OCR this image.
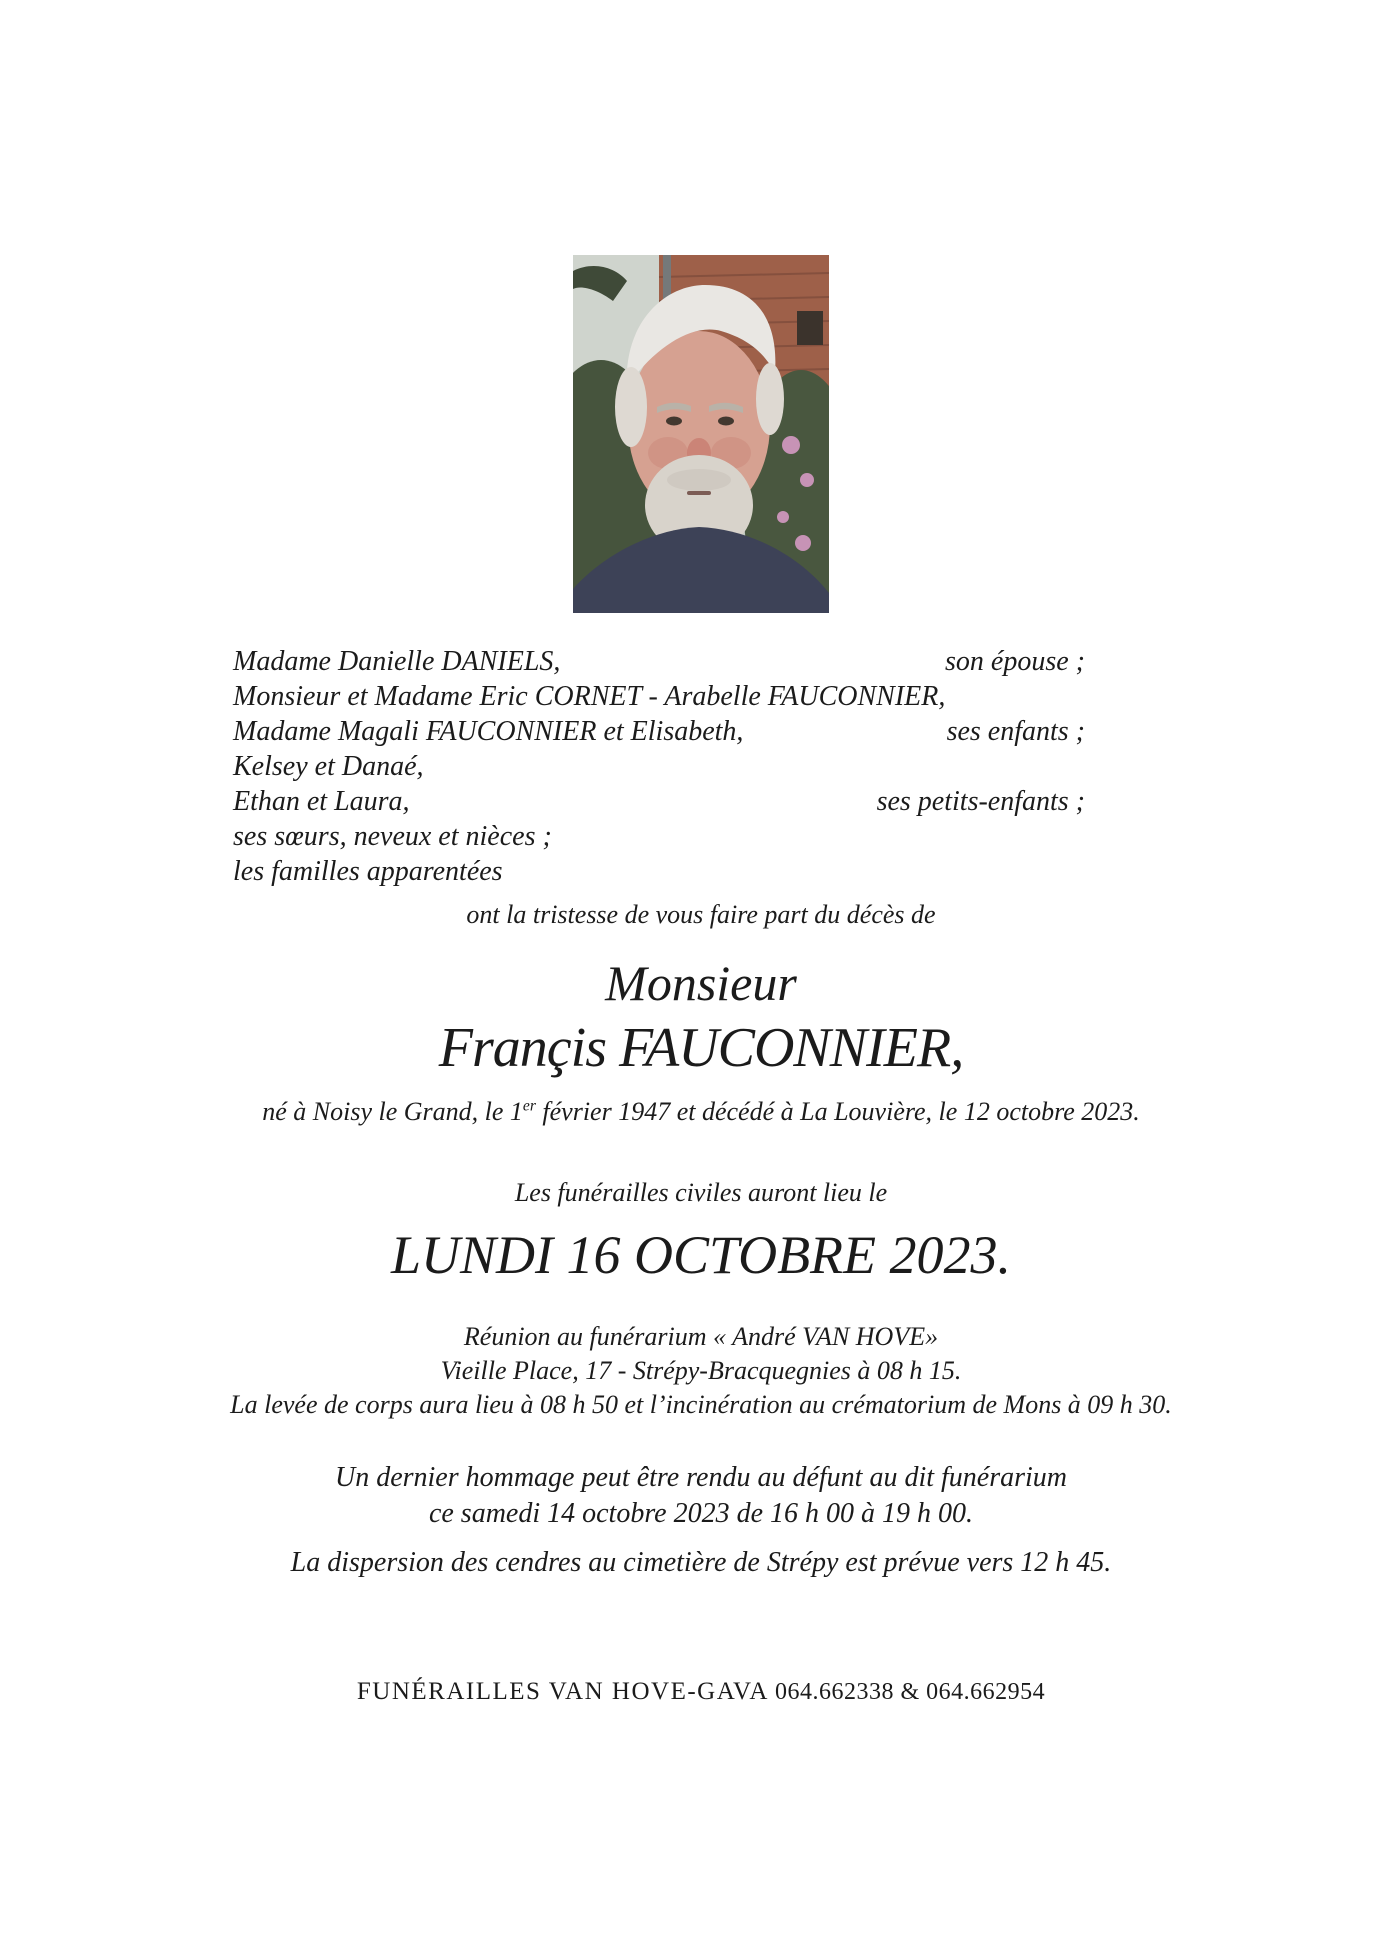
Madame Danielle DANIELS,	son épouse ;
Monsieur et Madame Eric CORNET - Arabelle FAUCONNIER,
Madame Magali FAUCONNIER et Elisabeth,	ses enfants ;
Kelsey et Danaé,
Ethan et Laura,	ses petits-enfants ;
ses sœurs, neveux et nièces ;
les familles apparentées
ont la tristesse de vous faire part du décès de
Monsieur
Françis FAUCONNIER,
né à Noisy le Grand, le 1er février 1947 et décédé à La Louvière, le 12 octobre 2023.
Les funérailles civiles auront lieu le
LUNDI 16 OCTOBRE 2023.
Réunion au funérarium « André VAN HOVE»
Vieille Place, 17 - Strépy-Bracquegnies à 08 h 15.
La levée de corps aura lieu à 08 h 50 et l’incinération au crématorium de Mons à 09 h 30.
Un dernier hommage peut être rendu au défunt au dit funérarium
ce samedi 14 octobre 2023 de 16 h 00 à 19 h 00.
La dispersion des cendres au cimetière de Strépy est prévue vers 12 h 45.
FUNÉRAILLES VAN HOVE-GAVA 064.662338 & 064.662954
